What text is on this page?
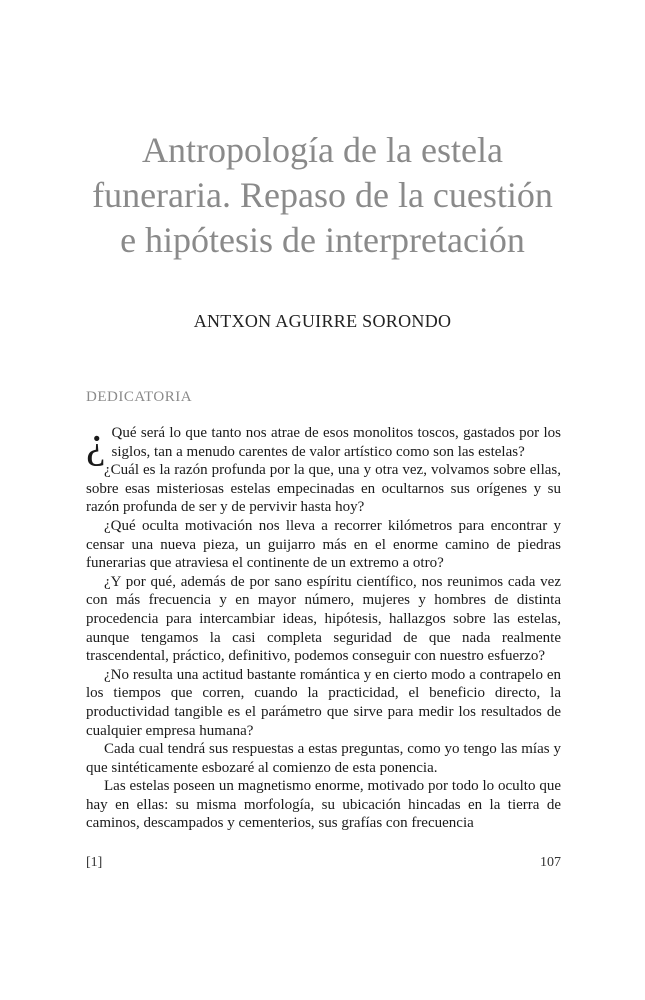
Antropología de la estela
funeraria. Repaso de la cuestión
e hipótesis de interpretación
ANTXON AGUIRRE SORONDO
DEDICATORIA

¿ Qué será lo que tanto nos atrae de esos monolitos toscos, gastados por los siglos, tan a menudo carentes de valor artístico como son las estelas?

¿Cuál es la razón profunda por la que, una y otra vez, volvamos sobre ellas, sobre esas misteriosas estelas empecinadas en ocultarnos sus orígenes y su razón profunda de ser y de pervivir hasta hoy?

¿Qué oculta motivación nos lleva a recorrer kilómetros para encontrar y censar una nueva pieza, un guijarro más en el enorme camino de piedras funerarias que atraviesa el continente de un extremo a otro?

¿Y por qué, además de por sano espíritu científico, nos reunimos cada vez con más frecuencia y en mayor número, mujeres y hombres de distinta procedencia para intercambiar ideas, hipótesis, hallazgos sobre las estelas, aunque tengamos la casi completa seguridad de que nada realmente trascendental, práctico, definitivo, podemos conseguir con nuestro esfuerzo?

¿No resulta una actitud bastante romántica y en cierto modo a contrapelo en los tiempos que corren, cuando la practicidad, el beneficio directo, la productividad tangible es el parámetro que sirve para medir los resultados de cualquier empresa humana?

Cada cual tendrá sus respuestas a estas preguntas, como yo tengo las mías y que sintéticamente esbozaré al comienzo de esta ponencia.

Las estelas poseen un magnetismo enorme, motivado por todo lo oculto que hay en ellas: su misma morfología, su ubicación hincadas en la tierra de caminos, descampados y cementerios, sus grafías con frecuencia

[1]	107
